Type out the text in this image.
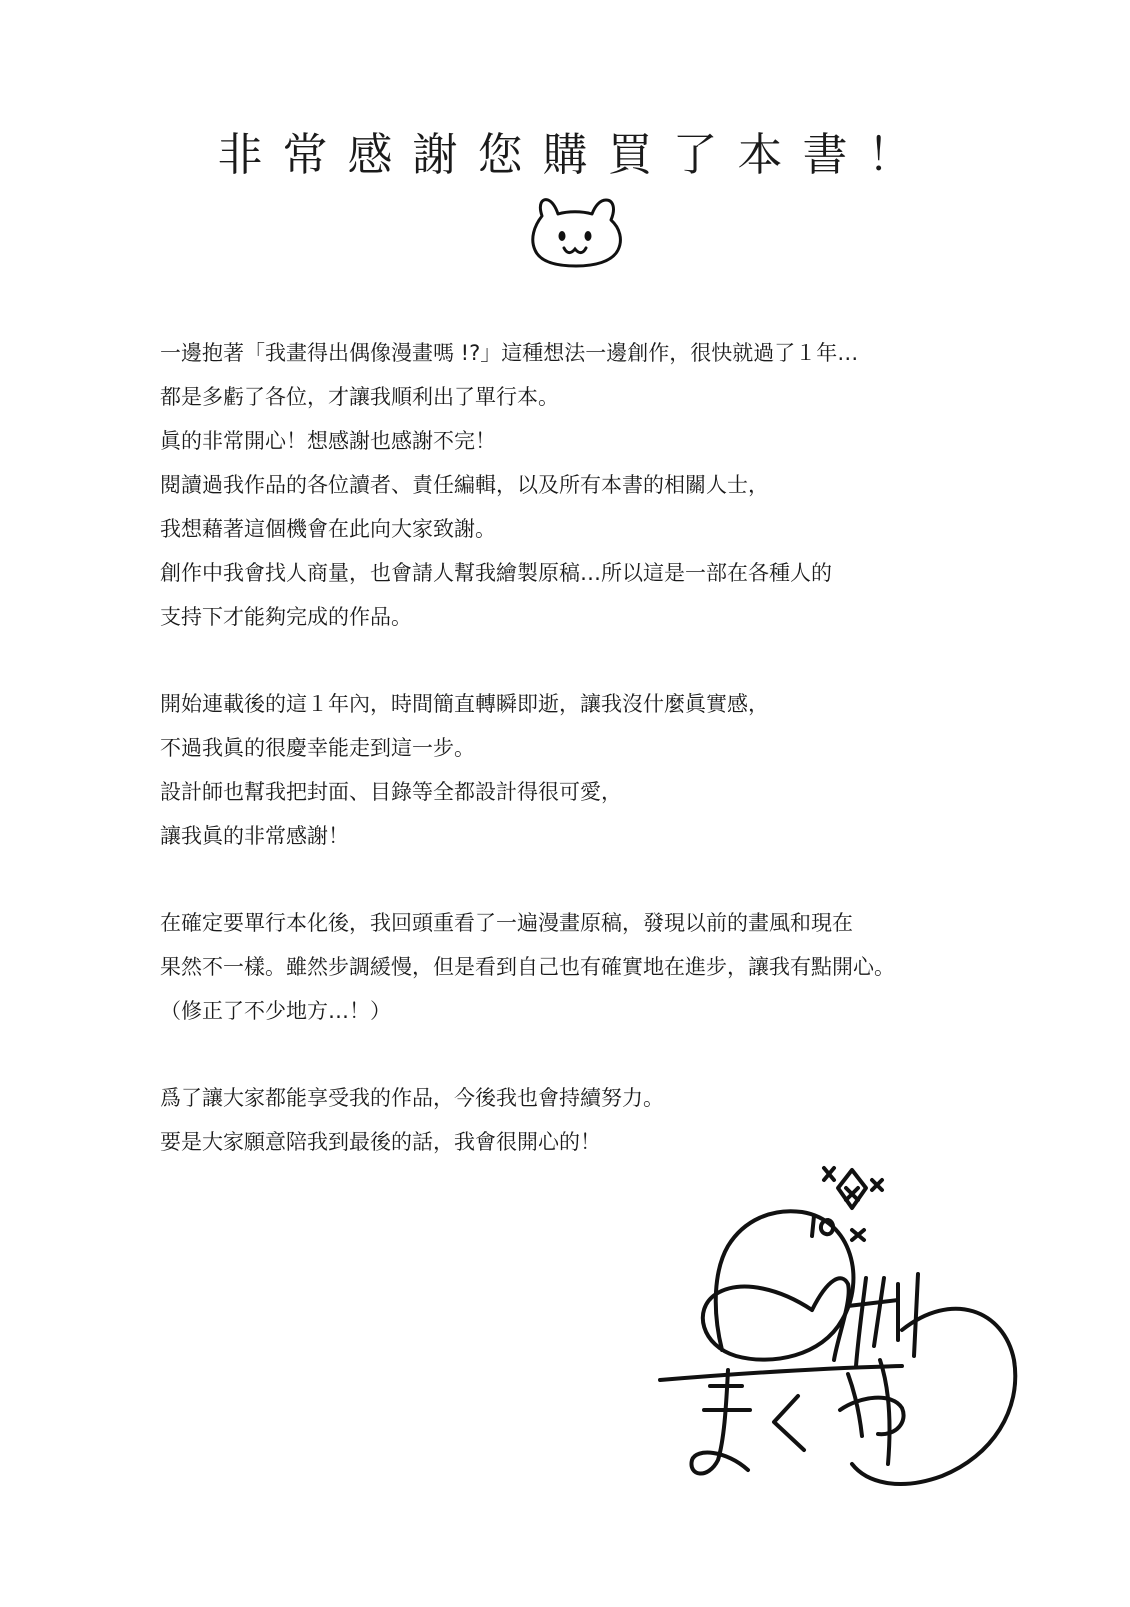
非常感謝您購買了本書！
一邊抱著「我畫得出偶像漫畫嗎 !?」這種想法一邊創作，很快就過了１年…
都是多虧了各位，才讓我順利出了單行本。
眞的非常開心！想感謝也感謝不完！
閱讀過我作品的各位讀者、責任編輯，以及所有本書的相關人士，
我想藉著這個機會在此向大家致謝。
創作中我會找人商量，也會請人幫我繪製原稿…所以這是一部在各種人的
支持下才能夠完成的作品。
開始連載後的這１年內，時間簡直轉瞬即逝，讓我沒什麼眞實感，
不過我眞的很慶幸能走到這一步。
設計師也幫我把封面、目錄等全都設計得很可愛，
讓我眞的非常感謝！
在確定要單行本化後，我回頭重看了一遍漫畫原稿，發現以前的畫風和現在
果然不一樣。雖然步調緩慢，但是看到自己也有確實地在進步，讓我有點開心。
（修正了不少地方…！）
爲了讓大家都能享受我的作品，今後我也會持續努力。
要是大家願意陪我到最後的話，我會很開心的！
